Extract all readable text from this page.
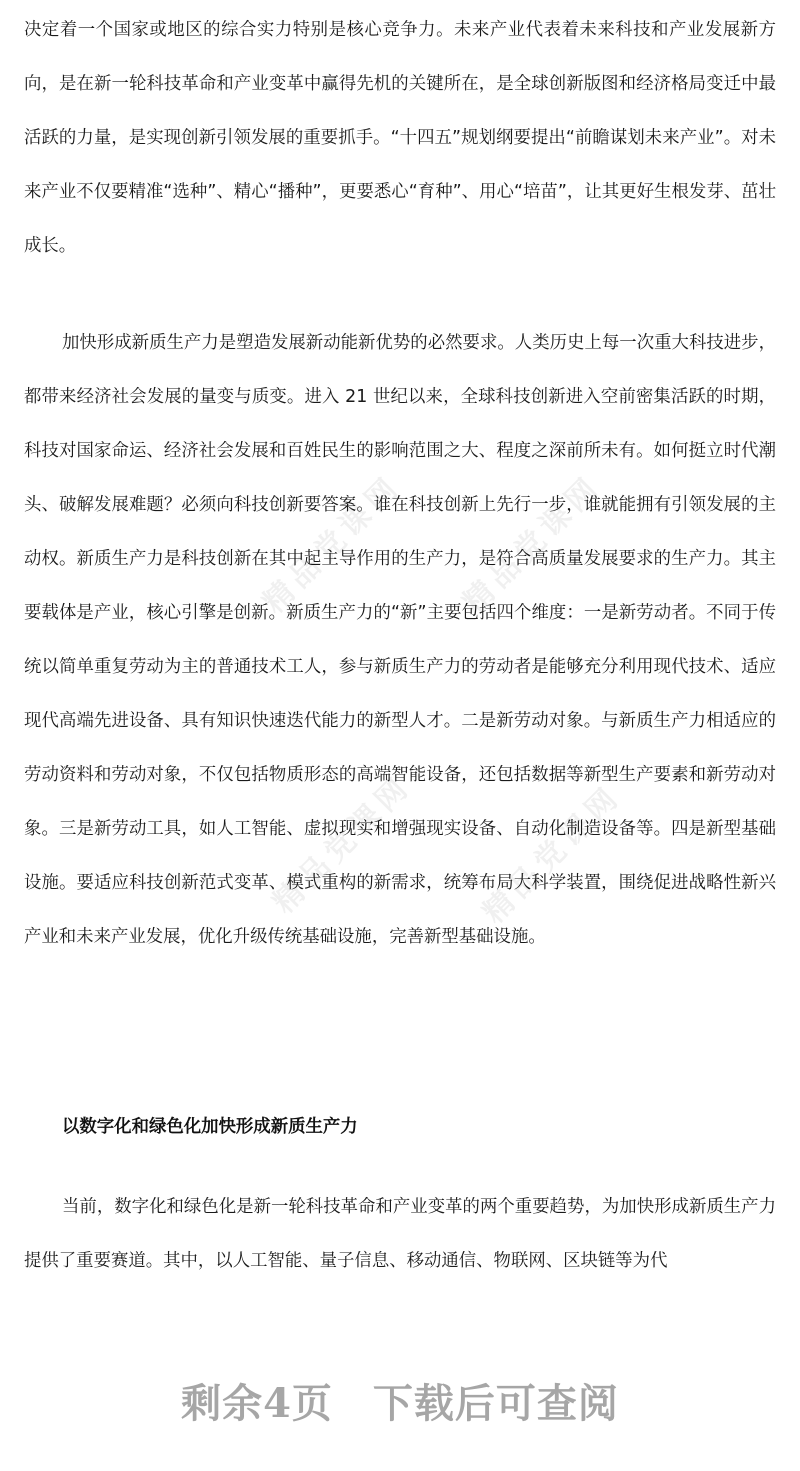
决定着一个国家或地区的综合实力特别是核心竞争力。未来产业代表着未来科技和产业发展新方向，是在新一轮科技革命和产业变革中赢得先机的关键所在，是全球创新版图和经济格局变迁中最活跃的力量，是实现创新引领发展的重要抓手。“十四五”规划纲要提出“前瞻谋划未来产业”。对未来产业不仅要精准“选种”、精心“播种”，更要悉心“育种”、用心“培苗”，让其更好生根发芽、茁壮成长。

加快形成新质生产力是塑造发展新动能新优势的必然要求。人类历史上每一次重大科技进步，都带来经济社会发展的量变与质变。进入 21 世纪以来，全球科技创新进入空前密集活跃的时期，科技对国家命运、经济社会发展和百姓民生的影响范围之大、程度之深前所未有。如何挺立时代潮头、破解发展难题？必须向科技创新要答案。谁在科技创新上先行一步，谁就能拥有引领发展的主动权。新质生产力是科技创新在其中起主导作用的生产力，是符合高质量发展要求的生产力。其主要载体是产业，核心引擎是创新。新质生产力的“新”主要包括四个维度：一是新劳动者。不同于传统以简单重复劳动为主的普通技术工人，参与新质生产力的劳动者是能够充分利用现代技术、适应现代高端先进设备、具有知识快速迭代能力的新型人才。二是新劳动对象。与新质生产力相适应的劳动资料和劳动对象，不仅包括物质形态的高端智能设备，还包括数据等新型生产要素和新劳动对象。三是新劳动工具，如人工智能、虚拟现实和增强现实设备、自动化制造设备等。四是新型基础设施。要适应科技创新范式变革、模式重构的新需求，统筹布局大科学装置，围绕促进战略性新兴产业和未来产业发展，优化升级传统基础设施，完善新型基础设施。

以数字化和绿色化加快形成新质生产力

当前，数字化和绿色化是新一轮科技革命和产业变革的两个重要趋势，为加快形成新质生产力提供了重要赛道。其中，以人工智能、量子信息、移动通信、物联网、区块链等为代

精品党课网 精品党课网
精品党课网 精品党课网
剩余4页 下载后可查阅
